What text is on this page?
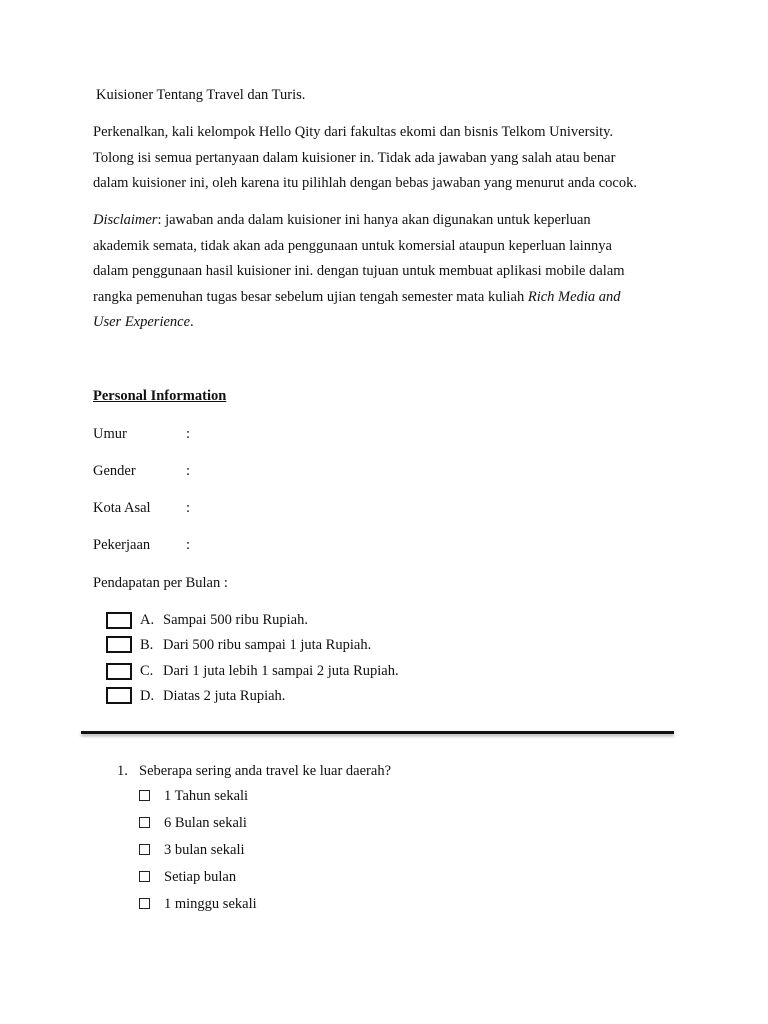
Kuisioner Tentang Travel dan Turis.
Perkenalkan, kali kelompok Hello Qity dari fakultas ekomi dan bisnis Telkom University.
Tolong isi semua pertanyaan dalam kuisioner in. Tidak ada jawaban yang salah atau benar
dalam kuisioner ini, oleh karena itu pilihlah dengan bebas jawaban yang menurut anda cocok.
Disclaimer: jawaban anda dalam kuisioner ini hanya akan digunakan untuk keperluan
akademik semata, tidak akan ada penggunaan untuk komersial ataupun keperluan lainnya
dalam penggunaan hasil kuisioner ini. dengan tujuan untuk membuat aplikasi mobile dalam
rangka pemenuhan tugas besar sebelum ujian tengah semester mata kuliah Rich Media and
User Experience.
Personal Information
Umur	:
Gender	:
Kota Asal :
Pekerjaan :
Pendapatan per Bulan :
A. Sampai 500 ribu Rupiah.
B. Dari 500 ribu sampai 1 juta Rupiah.
C. Dari 1 juta lebih 1 sampai 2 juta Rupiah.
D. Diatas 2 juta Rupiah.
1. Seberapa sering anda travel ke luar daerah?
1 Tahun sekali
6 Bulan sekali
3 bulan sekali
Setiap bulan
1 minggu sekali
